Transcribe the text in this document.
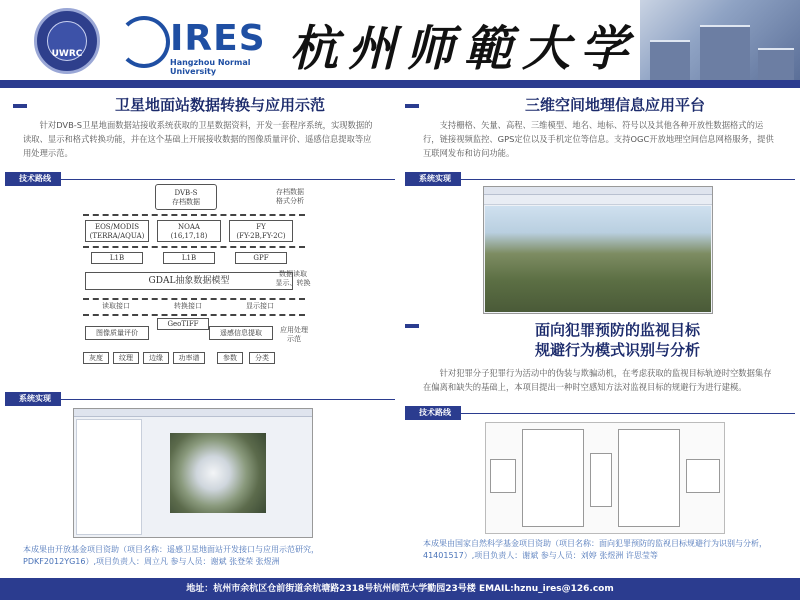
UWRC	IRES
Hangzhou Normal University	杭州师範大学
卫星地面站数据转换与应用示范

针对DVB-S卫星地面数据站接收系统获取的卫星数据资料，开发一套程序系统，实现数据的读取、显示和格式转换功能，并在这个基础上开展接收数据的图像质量评价、遥感信息提取等应用处理示范。

技术路线
DVB-S
存档数据
存档数据
格式分析
EOS/MODIS
(TERRA/AQUA)
NOAA
(16,17,18)
FY
(FY-2B,FY-2C)
L1B	L1B	GPF
GDAL抽象数据模型
数据读取
显示、转换
读取接口	转换接口	显示接口
GeoTIFF
图像质量评价	遥感信息提取	应用处理
示范
灰度	纹理	边缘	功率谱	参数	分类
系统实现

本成果由开放基金项目资助（项目名称：遥感卫星地面站开发接口与应用示范研究，PDKF2012YG16）,项目负责人：周立凡 参与人员：谢斌 张登荣 张煜洲

三维空间地理信息应用平台

支持栅格、矢量、高程、三维模型、地名、地标、符号以及其他各种开放性数据格式的运行，链接视频监控、GPS定位以及手机定位等信息。支持OGC开放地理空间信息网格服务，提供互联网发布和访问功能。

系统实现
面向犯罪预防的监视目标
规避行为模式识别与分析

针对犯罪分子犯罪行为活动中的伪装与欺骗动机，在考虑获取的监视目标轨迹时空数据集存在偏离和缺失的基础上，本项目提出一种时空感知方法对监视目标的规避行为进行建模。

技术路线

本成果由国家自然科学基金项目资助（项目名称：面向犯罪预防的监视目标规避行为识别与分析，41401517）,项目负责人：谢斌 参与人员：刘婷 张煜洲 许思莹等

地址：杭州市余杭区仓前街道余杭塘路2318号杭州师范大学勤园23号楼 EMAIL:hznu_ires@126.com
